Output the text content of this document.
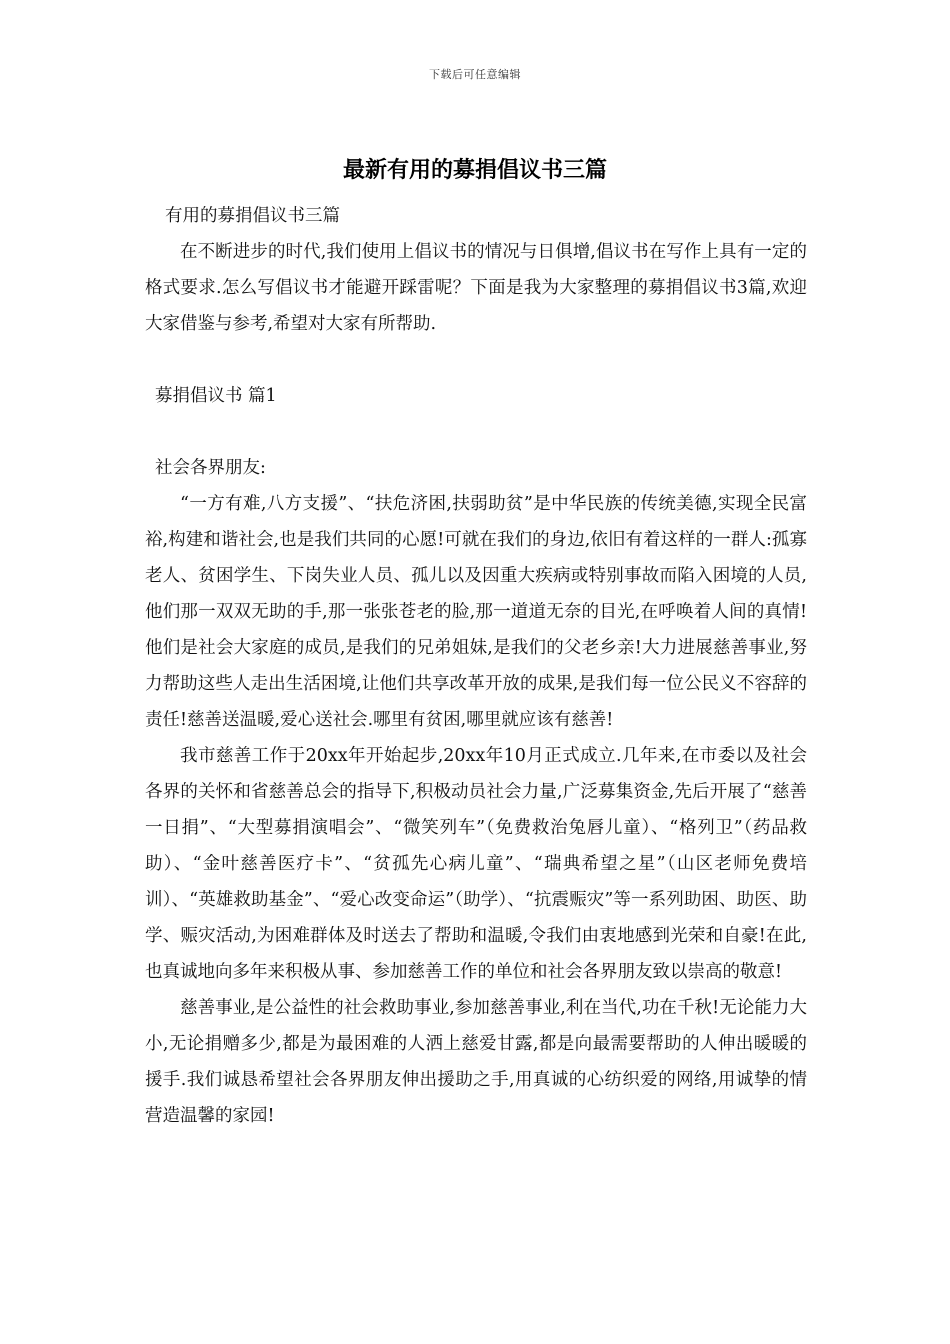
下载后可任意编辑
最新有用的募捐倡议书三篇

有用的募捐倡议书三篇

在不断进步的时代,我们使用上倡议书的情况与日俱增,倡议书在写作上具有一定的格式要求.怎么写倡议书才能避开踩雷呢？下面是我为大家整理的募捐倡议书3篇,欢迎大家借鉴与参考,希望对大家有所帮助.

募捐倡议书 篇1

社会各界朋友:

“一方有难,八方支援”、“扶危济困,扶弱助贫”是中华民族的传统美德,实现全民富裕,构建和谐社会,也是我们共同的心愿!可就在我们的身边,依旧有着这样的一群人:孤寡老人、贫困学生、下岗失业人员、孤儿以及因重大疾病或特别事故而陷入困境的人员,他们那一双双无助的手,那一张张苍老的脸,那一道道无奈的目光,在呼唤着人间的真情!他们是社会大家庭的成员,是我们的兄弟姐妹,是我们的父老乡亲!大力进展慈善事业,努力帮助这些人走出生活困境,让他们共享改革开放的成果,是我们每一位公民义不容辞的责任!慈善送温暖,爱心送社会.哪里有贫困,哪里就应该有慈善!

我市慈善工作于20xx年开始起步,20xx年10月正式成立.几年来,在市委以及社会各界的关怀和省慈善总会的指导下,积极动员社会力量,广泛募集资金,先后开展了“慈善一日捐”、“大型募捐演唱会”、“微笑列车”（免费救治兔唇儿童）、“格列卫”（药品救助）、“金叶慈善医疗卡”、“贫孤先心病儿童”、“瑞典希望之星”（山区老师免费培训）、“英雄救助基金”、“爱心改变命运”（助学）、“抗震赈灾”等一系列助困、助医、助学、赈灾活动,为困难群体及时送去了帮助和温暖,令我们由衷地感到光荣和自豪!在此,也真诚地向多年来积极从事、参加慈善工作的单位和社会各界朋友致以崇高的敬意!

慈善事业,是公益性的社会救助事业,参加慈善事业,利在当代,功在千秋!无论能力大小,无论捐赠多少,都是为最困难的人洒上慈爱甘露,都是向最需要帮助的人伸出暖暖的援手.我们诚恳希望社会各界朋友伸出援助之手,用真诚的心纺织爱的网络,用诚挚的情营造温馨的家园!
